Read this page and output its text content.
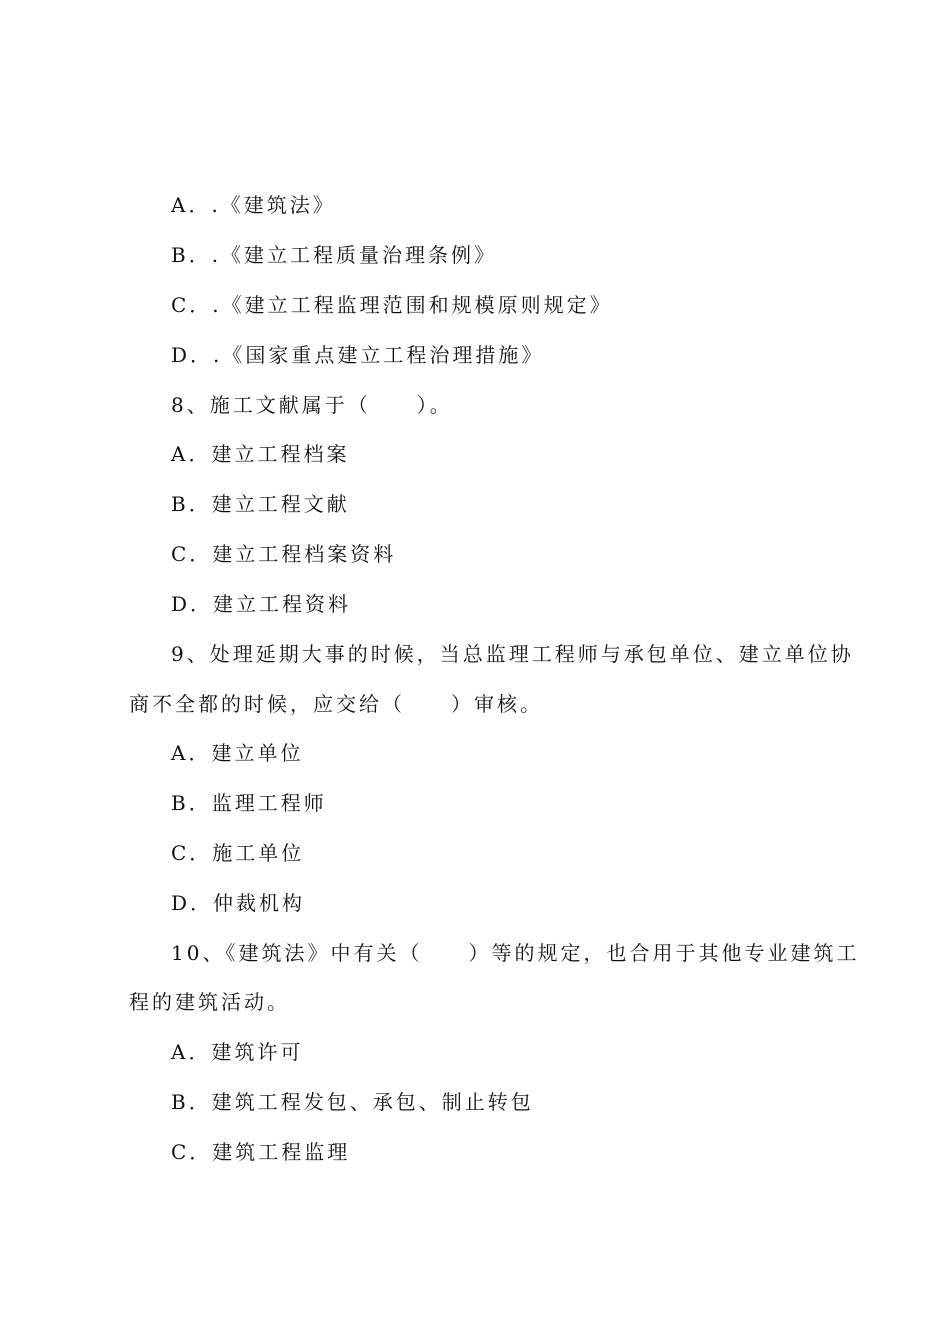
A．.《建筑法》
B．.《建立工程质量治理条例》
C．.《建立工程监理范围和规模原则规定》
D．.《国家重点建立工程治理措施》
8、施工文献属于（　　）。
A．建立工程档案
B．建立工程文献
C．建立工程档案资料
D．建立工程资料
9、处理延期大事的时候，当总监理工程师与承包单位、建立单位协
商不全都的时候，应交给（　　）审核。
A．建立单位
B．监理工程师
C．施工单位
D．仲裁机构
10、《建筑法》中有关（　　）等的规定，也合用于其他专业建筑工
程的建筑活动。
A．建筑许可
B．建筑工程发包、承包、制止转包
C．建筑工程监理
